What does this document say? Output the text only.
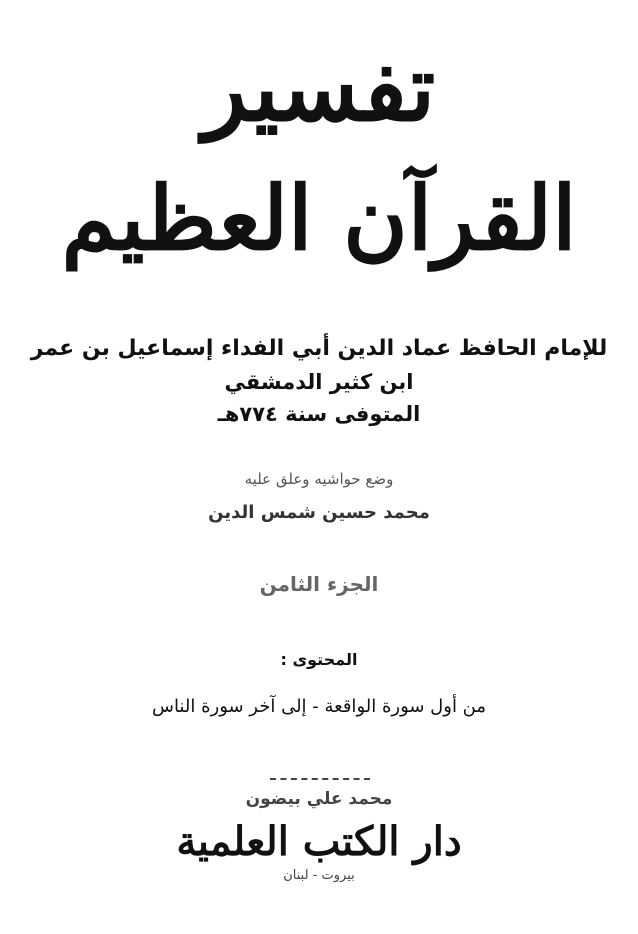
تفسير
القرآن العظيم
للإمام الحافظ عماد الدين أبي الفداء إسماعيل بن عمر
ابن كثير الدمشقي
المتوفى سنة ٧٧٤هـ
وضع حواشيه وعلق عليه
محمد حسين شمس الدين
الجزء الثامن
المحتوى :
من أول سورة الواقعة - إلى آخر سورة الناس
محمد علي بيضون
دار الكتب العلمية
بيروت - لبنان
